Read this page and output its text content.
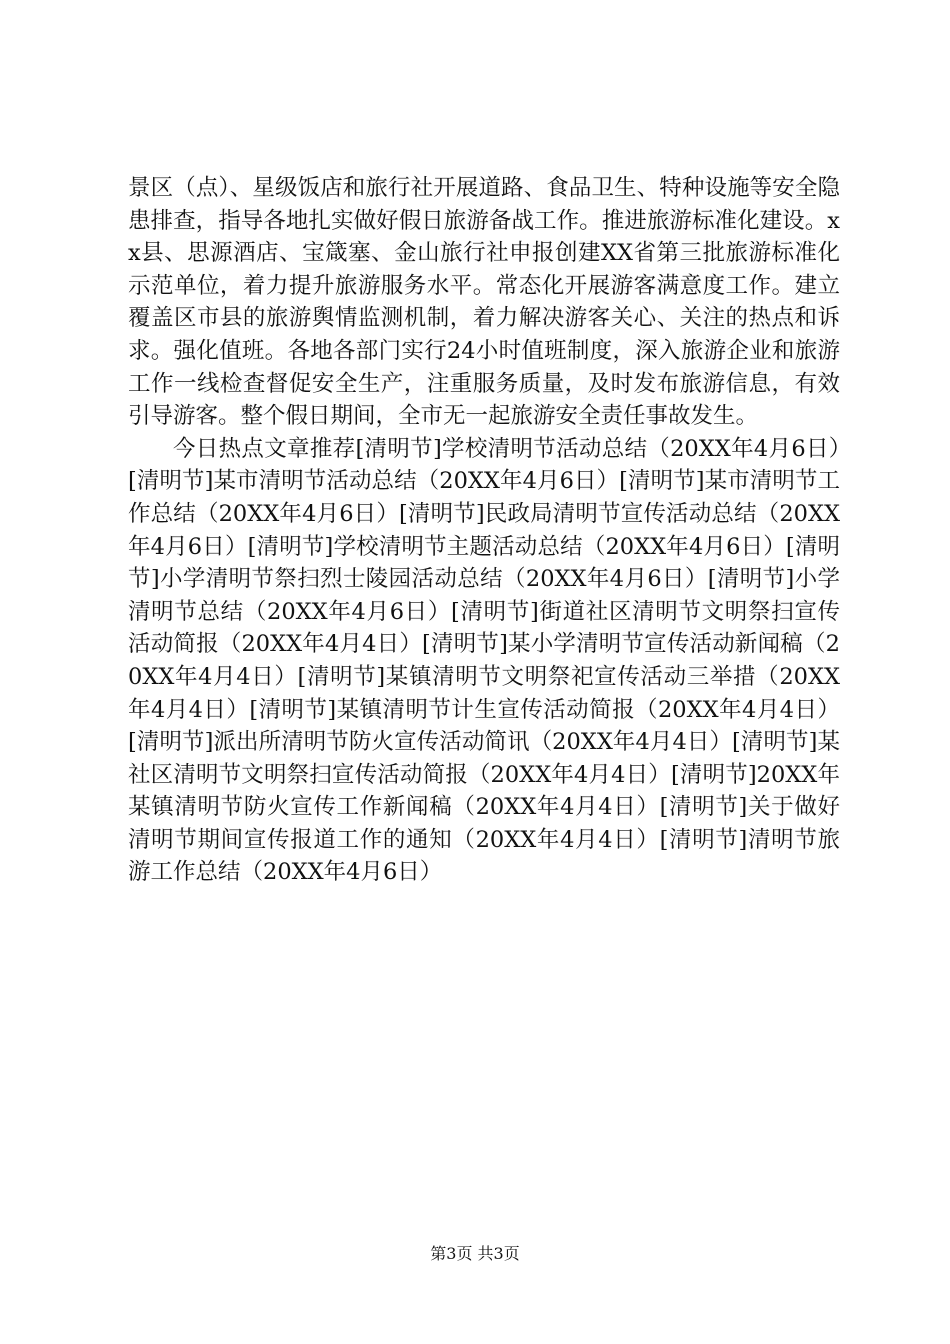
景区（点）、星级饭店和旅行社开展道路、食品卫生、特种设施等安全隐患排查，指导各地扎实做好假日旅游备战工作。推进旅游标准化建设。xx县、思源酒店、宝箴塞、金山旅行社申报创建XX省第三批旅游标准化示范单位，着力提升旅游服务水平。常态化开展游客满意度工作。建立覆盖区市县的旅游舆情监测机制，着力解决游客关心、关注的热点和诉求。强化值班。各地各部门实行24小时值班制度，深入旅游企业和旅游工作一线检查督促安全生产，注重服务质量，及时发布旅游信息，有效引导游客。整个假日期间，全市无一起旅游安全责任事故发生。

今日热点文章推荐[清明节]学校清明节活动总结（20XX年4月6日）[清明节]某市清明节活动总结（20XX年4月6日）[清明节]某市清明节工作总结（20XX年4月6日）[清明节]民政局清明节宣传活动总结（20XX年4月6日）[清明节]学校清明节主题活动总结（20XX年4月6日）[清明节]小学清明节祭扫烈士陵园活动总结（20XX年4月6日）[清明节]小学清明节总结（20XX年4月6日）[清明节]街道社区清明节文明祭扫宣传活动简报（20XX年4月4日）[清明节]某小学清明节宣传活动新闻稿（20XX年4月4日）[清明节]某镇清明节文明祭祀宣传活动三举措（20XX年4月4日）[清明节]某镇清明节计生宣传活动简报（20XX年4月4日）[清明节]派出所清明节防火宣传活动简讯（20XX年4月4日）[清明节]某社区清明节文明祭扫宣传活动简报（20XX年4月4日）[清明节]20XX年某镇清明节防火宣传工作新闻稿（20XX年4月4日）[清明节]关于做好清明节期间宣传报道工作的通知（20XX年4月4日）[清明节]清明节旅游工作总结（20XX年4月6日）

第3页 共3页
